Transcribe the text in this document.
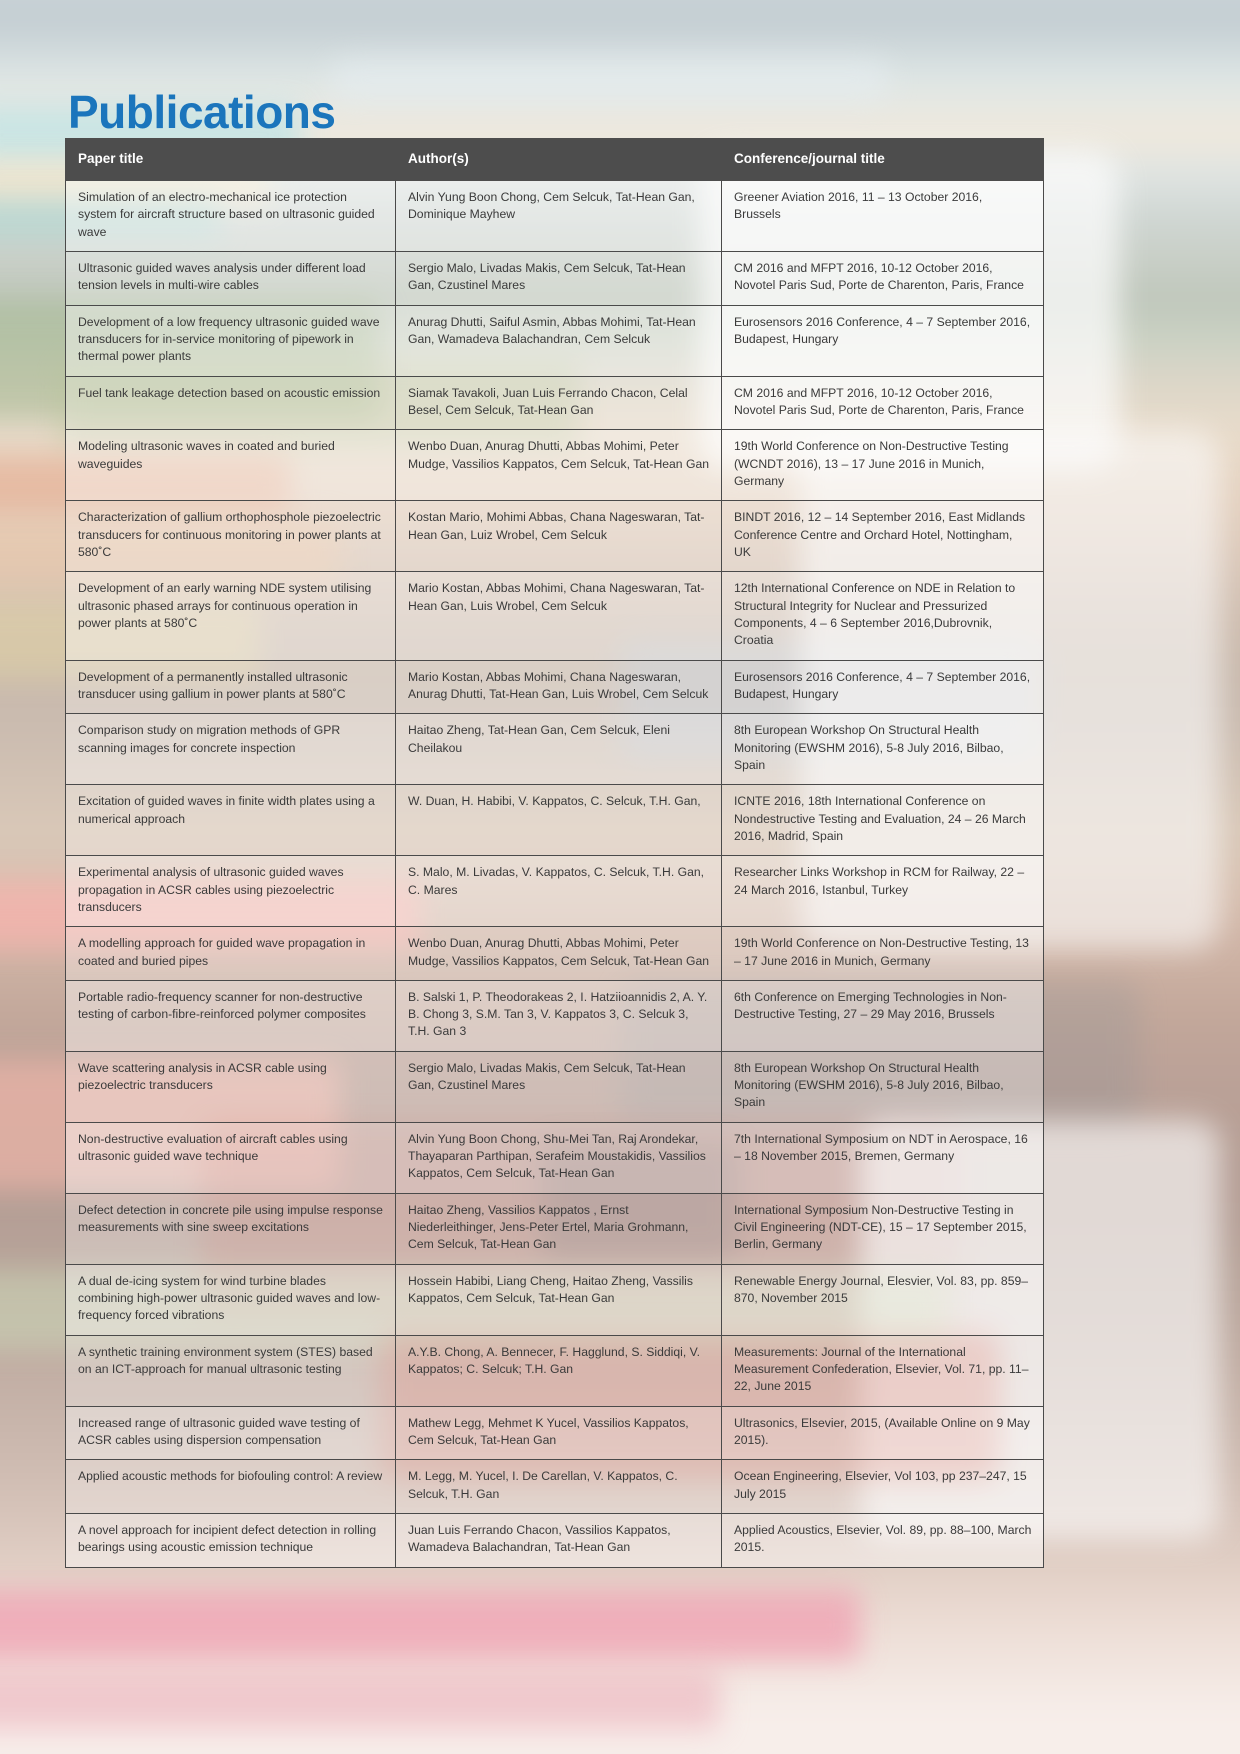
Publications
Paper title	Author(s)	Conference/journal title
Simulation of an electro-mechanical ice protection system for aircraft structure based on ultrasonic guided wave	Alvin Yung Boon Chong, Cem Selcuk, Tat-Hean Gan, Dominique Mayhew	Greener Aviation 2016, 11 – 13 October 2016, Brussels
Ultrasonic guided waves analysis under different load tension levels in multi-wire cables	Sergio Malo, Livadas Makis, Cem Selcuk, Tat-Hean Gan, Czustinel Mares	CM 2016 and MFPT 2016, 10-12 October 2016, Novotel Paris Sud, Porte de Charenton, Paris, France
Development of a low frequency ultrasonic guided wave transducers for in-service monitoring of pipework in thermal power plants	Anurag Dhutti, Saiful Asmin, Abbas Mohimi, Tat-Hean Gan, Wamadeva Balachandran, Cem Selcuk	Eurosensors 2016 Conference, 4 – 7 September 2016, Budapest, Hungary
Fuel tank leakage detection based on acoustic emission	Siamak Tavakoli, Juan Luis Ferrando Chacon, Celal Besel, Cem Selcuk, Tat-Hean Gan	CM 2016 and MFPT 2016, 10-12 October 2016, Novotel Paris Sud, Porte de Charenton, Paris, France
Modeling ultrasonic waves in coated and buried waveguides	Wenbo Duan, Anurag Dhutti, Abbas Mohimi, Peter Mudge, Vassilios Kappatos, Cem Selcuk, Tat-Hean Gan	19th World Conference on Non-Destructive Testing (WCNDT 2016), 13 – 17 June 2016 in Munich, Germany
Characterization of gallium orthophosphole piezoelectric transducers for continuous monitoring in power plants at 580˚C	Kostan Mario, Mohimi Abbas, Chana Nageswaran, Tat-Hean Gan, Luiz Wrobel, Cem Selcuk	BINDT 2016, 12 – 14 September 2016, East Midlands Conference Centre and Orchard Hotel, Nottingham, UK
Development of an early warning NDE system utilising ultrasonic phased arrays for continuous operation in power plants at 580˚C	Mario Kostan, Abbas Mohimi, Chana Nageswaran, Tat-Hean Gan, Luis Wrobel, Cem Selcuk	12th International Conference on NDE in Relation to Structural Integrity for Nuclear and Pressurized Components, 4 – 6 September 2016,Dubrovnik, Croatia
Development of a permanently installed ultrasonic transducer using gallium in power plants at 580˚C	Mario Kostan, Abbas Mohimi, Chana Nageswaran, Anurag Dhutti, Tat-Hean Gan, Luis Wrobel, Cem Selcuk	Eurosensors 2016 Conference, 4 – 7 September 2016, Budapest, Hungary
Comparison study on migration methods of GPR scanning images for concrete inspection	Haitao Zheng, Tat-Hean Gan, Cem Selcuk, Eleni Cheilakou	8th European Workshop On Structural Health Monitoring (EWSHM 2016), 5-8 July 2016, Bilbao, Spain
Excitation of guided waves in finite width plates using a numerical approach	W. Duan, H. Habibi, V. Kappatos, C. Selcuk, T.H. Gan,	ICNTE 2016, 18th International Conference on Nondestructive Testing and Evaluation, 24 – 26 March 2016, Madrid, Spain
Experimental analysis of ultrasonic guided waves propagation in ACSR cables using piezoelectric transducers	S. Malo, M. Livadas, V. Kappatos, C. Selcuk, T.H. Gan, C. Mares	Researcher Links Workshop in RCM for Railway, 22 – 24 March 2016, Istanbul, Turkey
A modelling approach for guided wave propagation in coated and buried pipes	Wenbo Duan, Anurag Dhutti, Abbas Mohimi, Peter Mudge, Vassilios Kappatos, Cem Selcuk, Tat-Hean Gan	19th World Conference on Non-Destructive Testing, 13 – 17 June 2016 in Munich, Germany
Portable radio-frequency scanner for non-destructive testing of carbon-fibre-reinforced polymer composites	B. Salski 1, P. Theodorakeas 2, I. Hatziioannidis 2, A. Y. B. Chong 3, S.M. Tan 3, V. Kappatos 3, C. Selcuk 3, T.H. Gan 3	6th Conference on Emerging Technologies in Non-Destructive Testing, 27 – 29 May 2016, Brussels
Wave scattering analysis in ACSR cable using piezoelectric transducers	Sergio Malo, Livadas Makis, Cem Selcuk, Tat-Hean Gan, Czustinel Mares	8th European Workshop On Structural Health Monitoring (EWSHM 2016), 5-8 July 2016, Bilbao, Spain
Non-destructive evaluation of aircraft cables using ultrasonic guided wave technique	Alvin Yung Boon Chong, Shu-Mei Tan, Raj Arondekar, Thayaparan Parthipan, Serafeim Moustakidis, Vassilios Kappatos, Cem Selcuk, Tat-Hean Gan	7th International Symposium on NDT in Aerospace, 16 – 18 November 2015, Bremen, Germany
Defect detection in concrete pile using impulse response measurements with sine sweep excitations	Haitao Zheng, Vassilios Kappatos , Ernst Niederleithinger, Jens-Peter Ertel, Maria Grohmann, Cem Selcuk, Tat-Hean Gan	International Symposium Non-Destructive Testing in Civil Engineering (NDT-CE), 15 – 17 September 2015, Berlin, Germany
A dual de-icing system for wind turbine blades combining high-power ultrasonic guided waves and low-frequency forced vibrations	Hossein Habibi, Liang Cheng, Haitao Zheng, Vassilis Kappatos, Cem Selcuk, Tat-Hean Gan	Renewable Energy Journal, Elesvier, Vol. 83, pp. 859–870, November 2015
A synthetic training environment system (STES) based on an ICT-approach for manual ultrasonic testing	A.Y.B. Chong, A. Bennecer, F. Hagglund, S. Siddiqi, V. Kappatos; C. Selcuk; T.H. Gan	Measurements: Journal of the International Measurement Confederation, Elsevier, Vol. 71, pp. 11–22, June 2015
Increased range of ultrasonic guided wave testing of ACSR cables using dispersion compensation	Mathew Legg, Mehmet K Yucel, Vassilios Kappatos, Cem Selcuk, Tat-Hean Gan	Ultrasonics, Elsevier, 2015, (Available Online on 9 May 2015).
Applied acoustic methods for biofouling control: A review	M. Legg, M. Yucel, I. De Carellan, V. Kappatos, C. Selcuk, T.H. Gan	Ocean Engineering, Elsevier, Vol 103, pp 237–247, 15 July 2015
A novel approach for incipient defect detection in rolling bearings using acoustic emission technique	Juan Luis Ferrando Chacon, Vassilios Kappatos, Wamadeva Balachandran, Tat-Hean Gan	Applied Acoustics, Elsevier, Vol. 89, pp. 88–100, March 2015.
